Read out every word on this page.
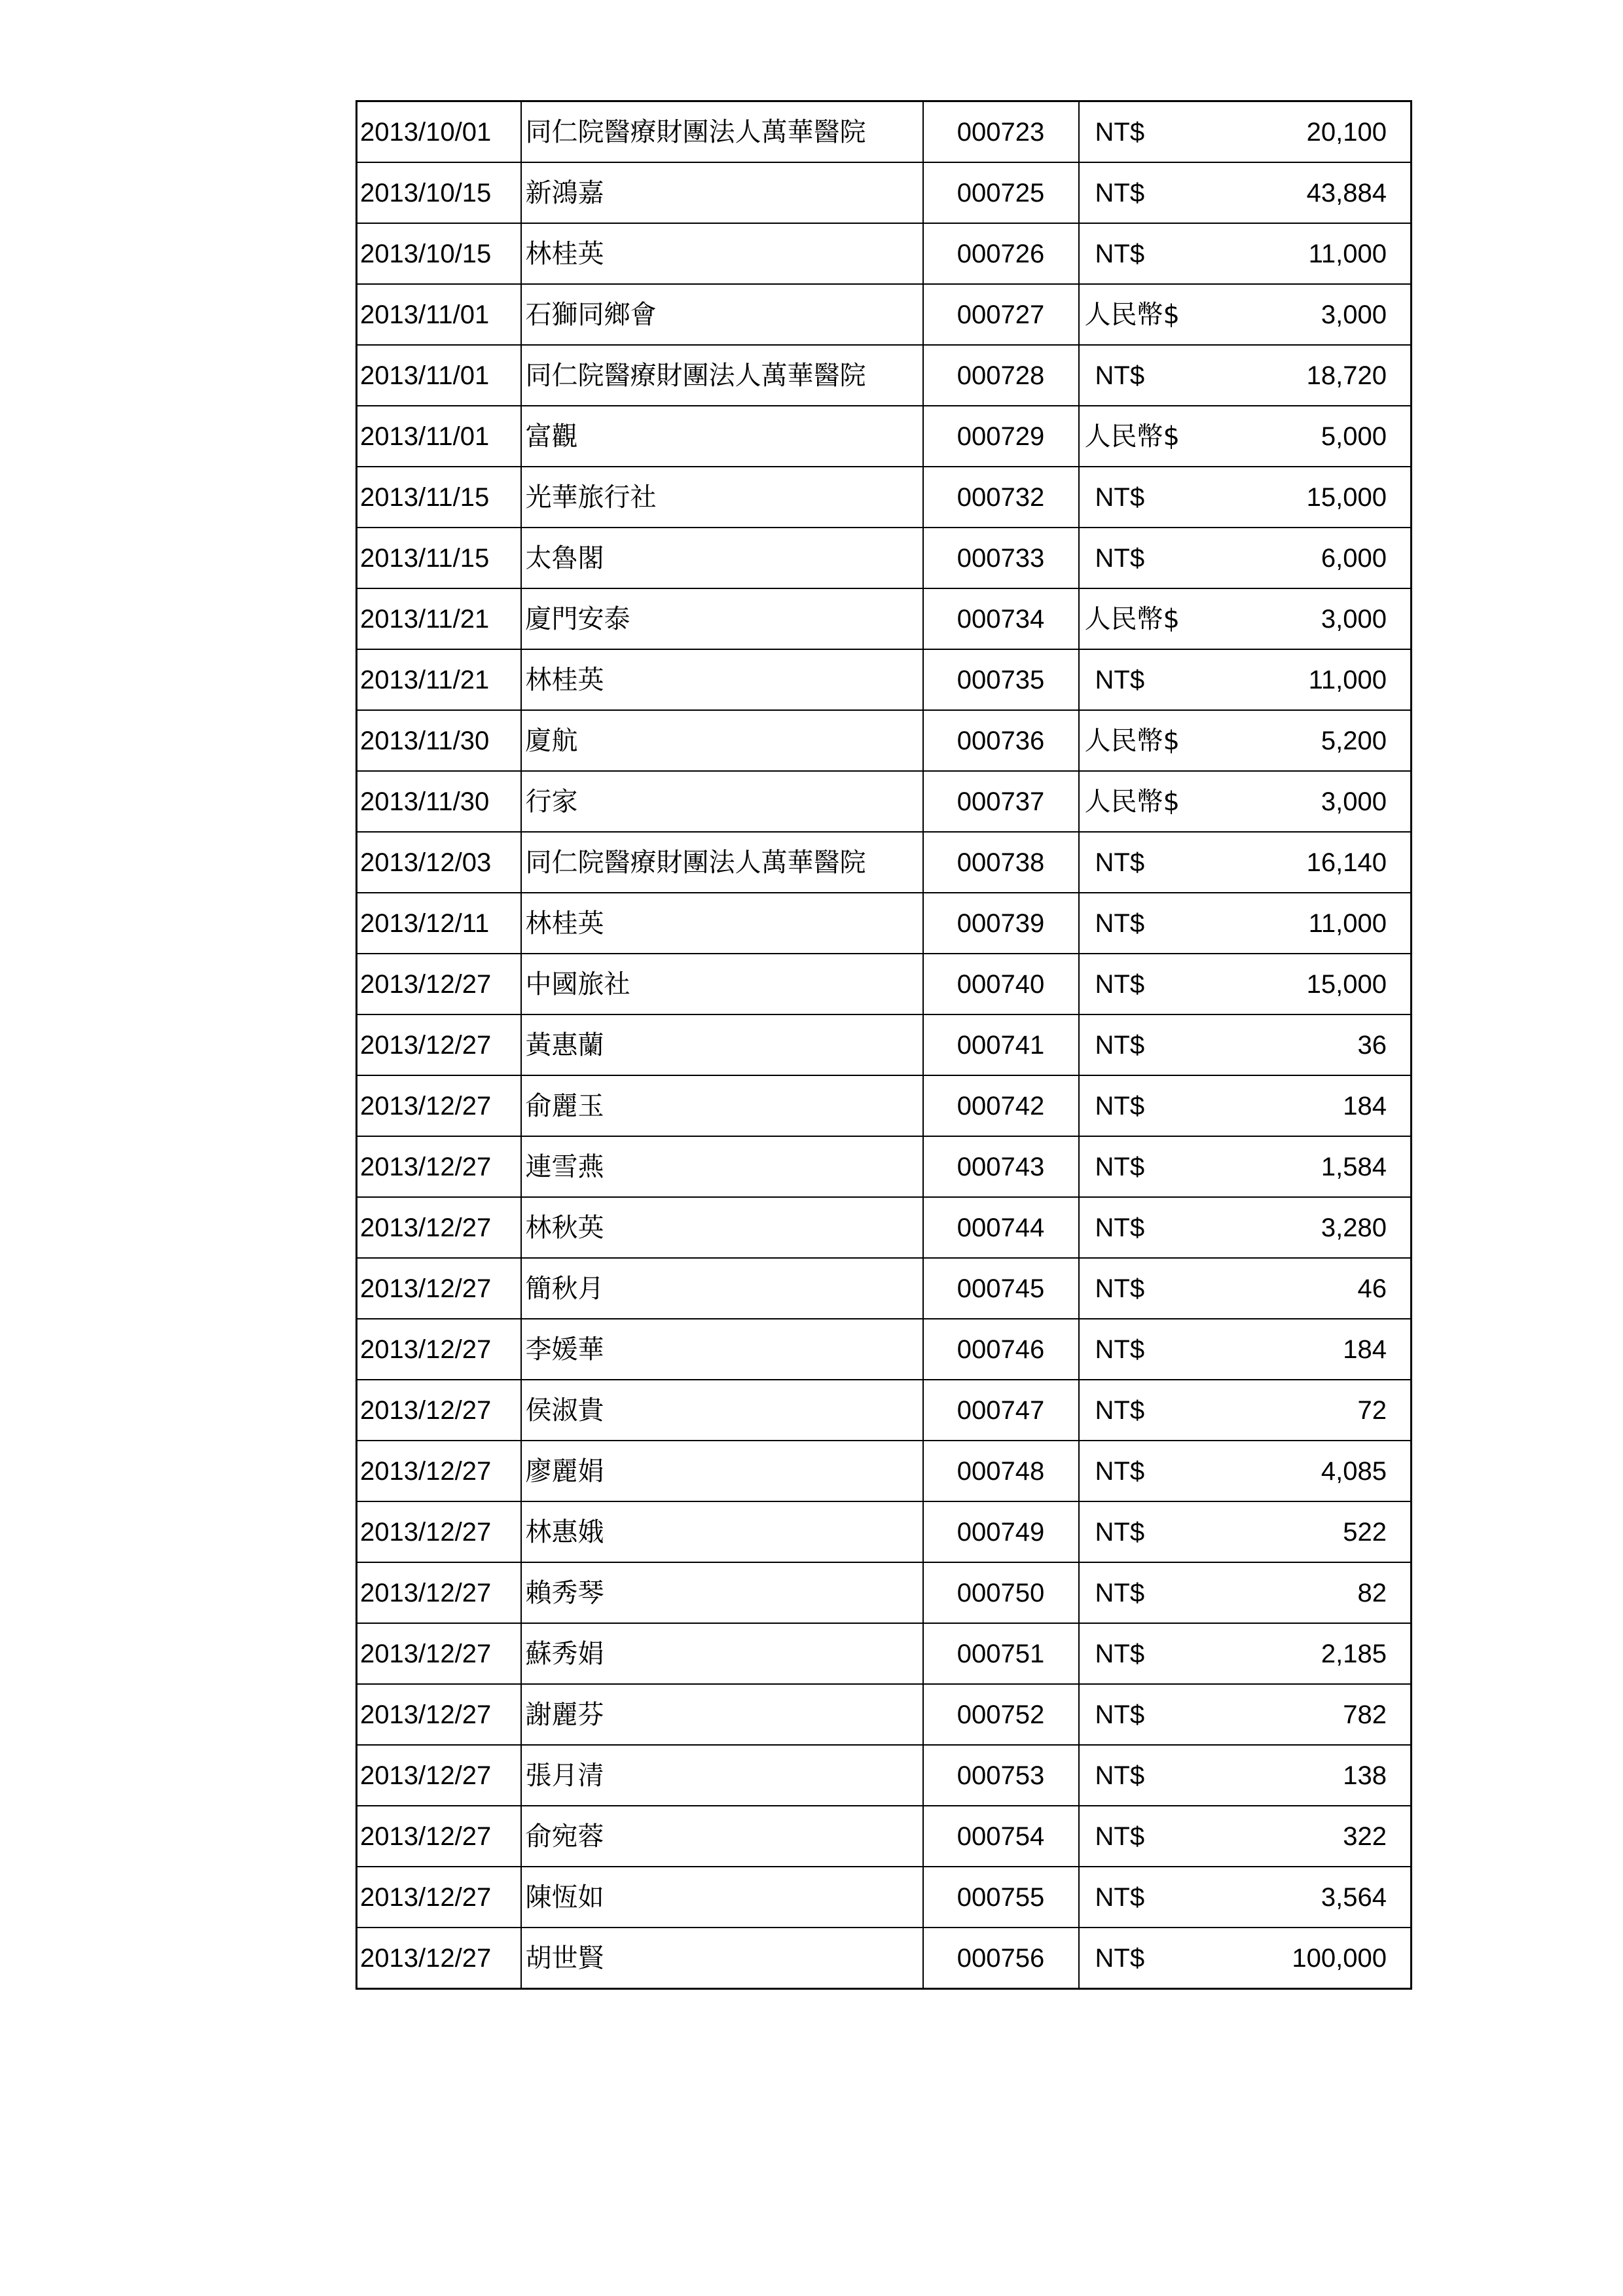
2013/10/01	同仁院醫療財團法人萬華醫院	000723	NT$	20,100
2013/10/15	新鴻嘉	000725	NT$	43,884
2013/10/15	林桂英	000726	NT$	11,000
2013/11/01	石獅同鄉會	000727	人民幣$	3,000
2013/11/01	同仁院醫療財團法人萬華醫院	000728	NT$	18,720
2013/11/01	富觀	000729	人民幣$	5,000
2013/11/15	光華旅行社	000732	NT$	15,000
2013/11/15	太魯閣	000733	NT$	6,000
2013/11/21	廈門安泰	000734	人民幣$	3,000
2013/11/21	林桂英	000735	NT$	11,000
2013/11/30	廈航	000736	人民幣$	5,200
2013/11/30	行家	000737	人民幣$	3,000
2013/12/03	同仁院醫療財團法人萬華醫院	000738	NT$	16,140
2013/12/11	林桂英	000739	NT$	11,000
2013/12/27	中國旅社	000740	NT$	15,000
2013/12/27	黃惠蘭	000741	NT$	36
2013/12/27	俞麗玉	000742	NT$	184
2013/12/27	連雪燕	000743	NT$	1,584
2013/12/27	林秋英	000744	NT$	3,280
2013/12/27	簡秋月	000745	NT$	46
2013/12/27	李媛華	000746	NT$	184
2013/12/27	侯淑貴	000747	NT$	72
2013/12/27	廖麗娟	000748	NT$	4,085
2013/12/27	林惠娥	000749	NT$	522
2013/12/27	賴秀琴	000750	NT$	82
2013/12/27	蘇秀娟	000751	NT$	2,185
2013/12/27	謝麗芬	000752	NT$	782
2013/12/27	張月清	000753	NT$	138
2013/12/27	俞宛蓉	000754	NT$	322
2013/12/27	陳恆如	000755	NT$	3,564
2013/12/27	胡世賢	000756	NT$	100,000
